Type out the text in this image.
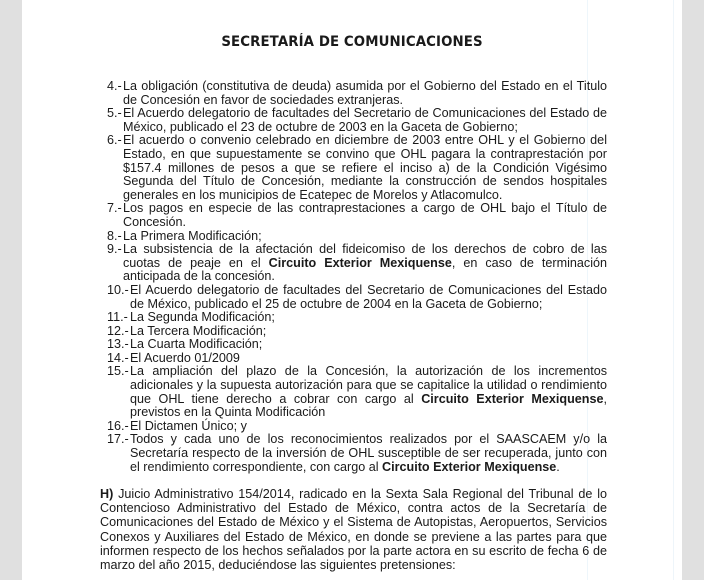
SECRETARÍA DE COMUNICACIONES
4.- La obligación (constitutiva de deuda) asumida por el Gobierno del Estado en el Titulo de Concesión en favor de sociedades extranjeras.
5.- El Acuerdo delegatorio de facultades del Secretario de Comunicaciones del Estado de México, publicado el 23 de octubre de 2003 en la Gaceta de Gobierno;
6.- El acuerdo o convenio celebrado en diciembre de 2003 entre OHL y el Gobierno del Estado, en que supuestamente se convino que OHL pagara la contraprestación por $157.4 millones de pesos a que se refiere el inciso a) de la Condición Vigésimo Segunda del Título de Concesión, mediante la construcción de sendos hospitales generales en los municipios de Ecatepec de Morelos y Atlacomulco.
7.- Los pagos en especie de las contraprestaciones a cargo de OHL bajo el Título de Concesión.
8.- La Primera Modificación;
9.- La subsistencia de la afectación del fideicomiso de los derechos de cobro de las cuotas de peaje en el Circuito Exterior Mexiquense, en caso de terminación anticipada de la concesión.
10.- El Acuerdo delegatorio de facultades del Secretario de Comunicaciones del Estado de México, publicado el 25 de octubre de 2004 en la Gaceta de Gobierno;
11.- La Segunda Modificación;
12.- La Tercera Modificación;
13.- La Cuarta Modificación;
14.- El Acuerdo 01/2009
15.- La ampliación del plazo de la Concesión, la autorización de los incrementos adicionales y la supuesta autorización para que se capitalice la utilidad o rendimiento que OHL tiene derecho a cobrar con cargo al Circuito Exterior Mexiquense, previstos en la Quinta Modificación
16.- El Dictamen Único; y
17.- Todos y cada uno de los reconocimientos realizados por el SAASCAEM y/o la Secretaría respecto de la inversión de OHL susceptible de ser recuperada, junto con el rendimiento correspondiente, con cargo al Circuito Exterior Mexiquense.
H) Juicio Administrativo 154/2014, radicado en la Sexta Sala Regional del Tribunal de lo Contencioso Administrativo del Estado de México, contra actos de la Secretaría de Comunicaciones del Estado de México y el Sistema de Autopistas, Aeropuertos, Servicios Conexos y Auxiliares del Estado de México, en donde se previene a las partes para que informen respecto de los hechos señalados por la parte actora en su escrito de fecha 6 de marzo del año 2015, deduciéndose las siguientes pretensiones:
